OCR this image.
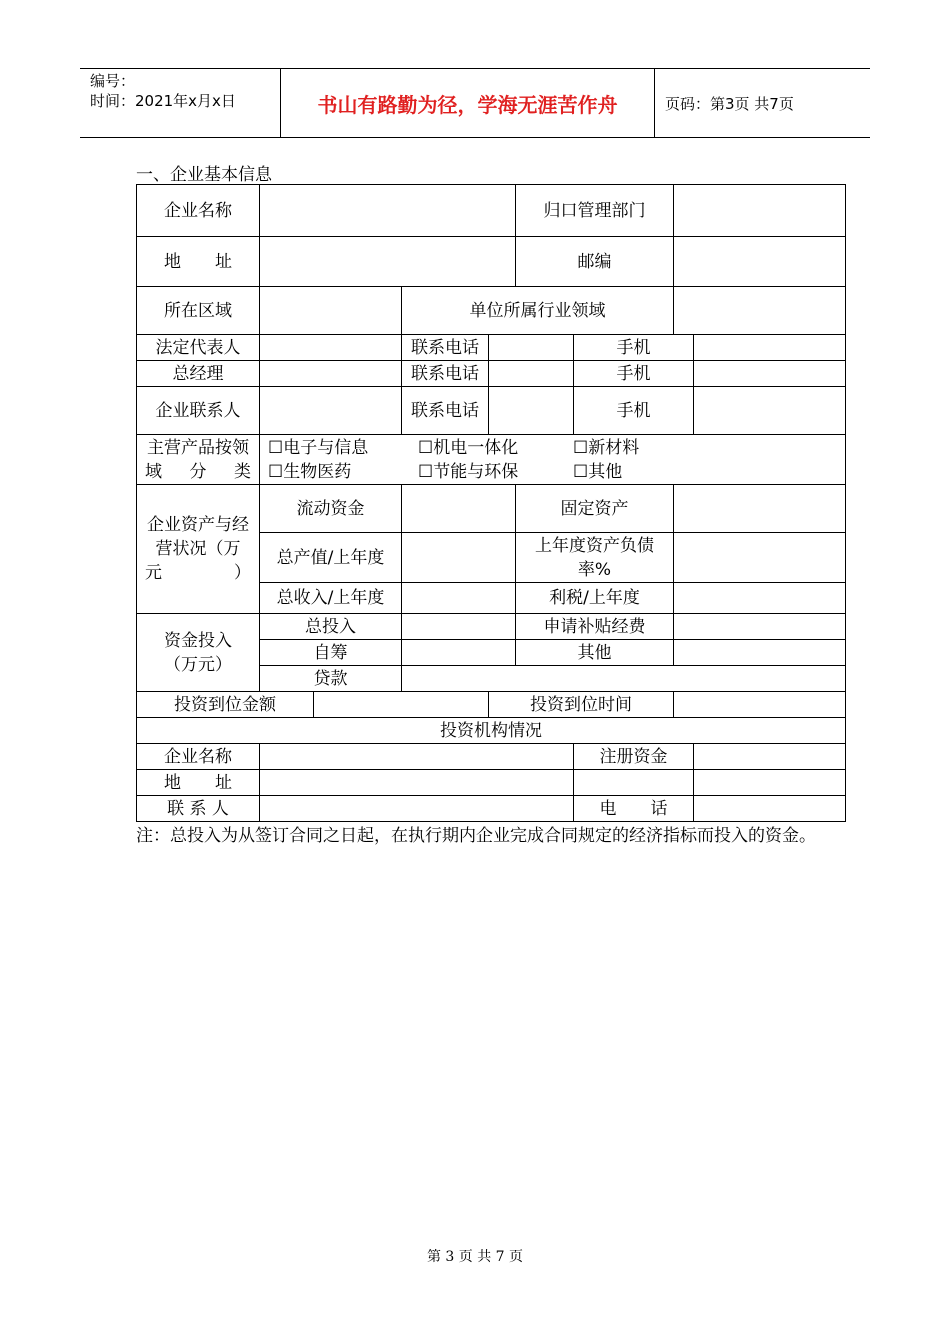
编号：
时间：2021年x月x日	书山有路勤为径，学海无涯苦作舟	页码：第3页 共7页
一、企业基本信息
企业名称					归口管理部门			
地　　址					邮编			
所在区域			单位所属行业领域					
法定代表人			联系电话			手机		
总经理			联系电话			手机		
企业联系人			联系电话			手机		
主营产品按领域分类	☐电子与信息 ☐机电一体化 ☐新材料
☐生物医药 ☐节能与环保 ☐其他							

企业资产与经营状况（万元）	流动资金				固定资产			
	总产值/上年度				上年度资产负债率%			
	总收入/上年度				利税/上年度			
资金投入（万元）	总投入				申请补贴经费			
	自筹				其他			
	贷款							
投资到位金额				投资到位时间				
投资机构情况								
企业名称						注册资金		
地　　址								
联 系 人						电　　话		
注：总投入为从签订合同之日起，在执行期内企业完成合同规定的经济指标而投入的资金。
第 3 页 共 7 页
